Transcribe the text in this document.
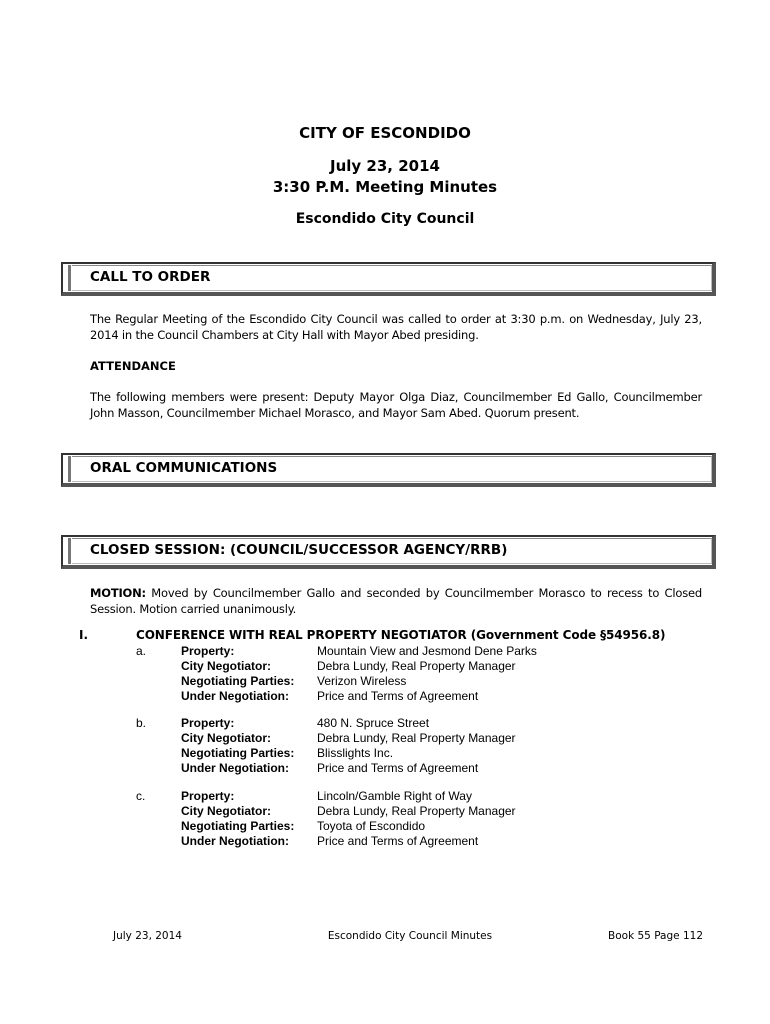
CITY OF ESCONDIDO
July 23, 2014
3:30 P.M. Meeting Minutes
Escondido City Council
CALL TO ORDER
The Regular Meeting of the Escondido City Council was called to order at 3:30 p.m. on Wednesday, July 23, 2014 in the Council Chambers at City Hall with Mayor Abed presiding.
ATTENDANCE
The following members were present: Deputy Mayor Olga Diaz, Councilmember Ed Gallo, Councilmember John Masson, Councilmember Michael Morasco, and Mayor Sam Abed. Quorum present.
ORAL COMMUNICATIONS
CLOSED SESSION: (COUNCIL/SUCCESSOR AGENCY/RRB)
MOTION: Moved by Councilmember Gallo and seconded by Councilmember Morasco to recess to Closed Session. Motion carried unanimously.
I.	CONFERENCE WITH REAL PROPERTY NEGOTIATOR (Government Code §54956.8)
a.	Property:	Mountain View and Jesmond Dene Parks
City Negotiator:	Debra Lundy, Real Property Manager
Negotiating Parties: Verizon Wireless
Under Negotiation: Price and Terms of Agreement
b.	Property:	480 N. Spruce Street
City Negotiator:	Debra Lundy, Real Property Manager
Negotiating Parties: Blisslights Inc.
Under Negotiation: Price and Terms of Agreement
c.	Property:	Lincoln/Gamble Right of Way
City Negotiator:	Debra Lundy, Real Property Manager
Negotiating Parties: Toyota of Escondido
Under Negotiation: Price and Terms of Agreement
July 23, 2014	Escondido City Council Minutes	Book 55 Page 112
